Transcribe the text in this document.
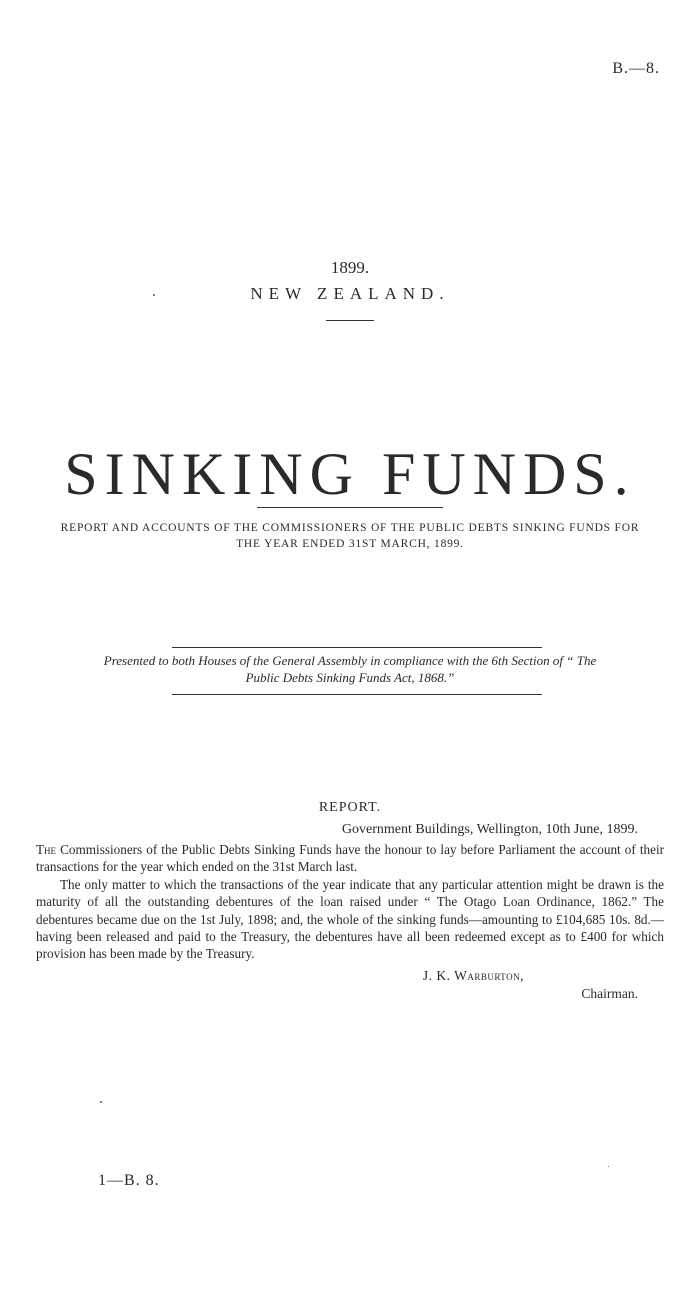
B.—8.
1899.
NEW ZEALAND.
SINKING FUNDS.
REPORT AND ACCOUNTS OF THE COMMISSIONERS OF THE PUBLIC DEBTS SINKING FUNDS FOR
THE YEAR ENDED 31ST MARCH, 1899.
Presented to both Houses of the General Assembly in compliance with the 6th Section of “ The
Public Debts Sinking Funds Act, 1868.”
REPORT.
Government Buildings, Wellington, 10th June, 1899.

The Commissioners of the Public Debts Sinking Funds have the honour to lay before Parliament the account of their transactions for the year which ended on the 31st March last.

The only matter to which the transactions of the year indicate that any particular attention might be drawn is the maturity of all the outstanding debentures of the loan raised under “ The Otago Loan Ordinance, 1862.” The debentures became due on the 1st July, 1898; and, the whole of the sinking funds—amounting to £104,685 10s. 8d.—having been released and paid to the Treasury, the debentures have all been redeemed except as to £400 for which provision has been made by the Treasury.

J. K. Warburton,
Chairman.
1—B. 8.
